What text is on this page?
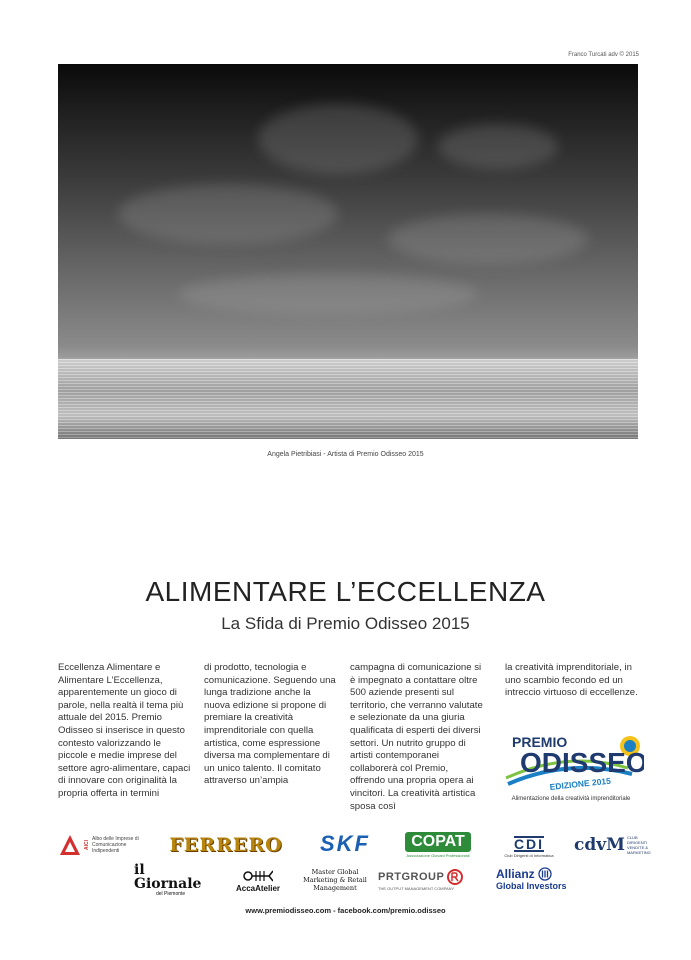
Franco Turcati adv © 2015
Angela Pietribiasi - Artista di Premio Odisseo 2015
ALIMENTARE L’ECCELLENZA
La Sfida di Premio Odisseo 2015
Eccellenza Alimentare e Alimentare L’Eccellenza, apparentemente un gioco di parole, nella realtà il tema più attuale del 2015. Premio Odisseo si inserisce in questo contesto valorizzando le piccole e medie imprese del settore agro-alimentare, capaci di innovare con originalità la propria offerta in termini
di prodotto, tecnologia e comunicazione. Seguendo una lunga tradizione anche la nuova edizione si propone di premiare la creatività imprenditoriale con quella artistica, come espressione diversa ma complementare di un unico talento. Il comitato attraverso un’ampia
campagna di comunicazione si è impegnato a contattare oltre 500 aziende presenti sul territorio, che verranno valutate e selezionate da una giuria qualificata di esperti dei diversi settori. Un nutrito gruppo di artisti contemporanei collaborerà col Premio, offrendo una propria opera ai vincitori. La creatività artistica sposa così
la creatività imprenditoriale, in uno scambio fecondo ed un intreccio virtuoso di eccellenze.
PREMIO
ODISSEO
EDIZIONE 2015
Alimentazione della creatività imprenditoriale
AICI
Albo delle Imprese di Comunicazione Indipendenti	FERRERO SKF	COPAT
Associazione Giovani Professionisti
CDI
Club Dirigenti di Informatica
cdvM CLUB DIRIGENTI VENDITE & MARKETING
il Giornale
del Piemonte
AccaAtelier
Master Global Marketing & Retail Management
PRTGROUP
THE OUTPUT MANAGEMENT COMPANY
Allianz
Global Investors
www.premiodisseo.com - facebook.com/premio.odisseo
